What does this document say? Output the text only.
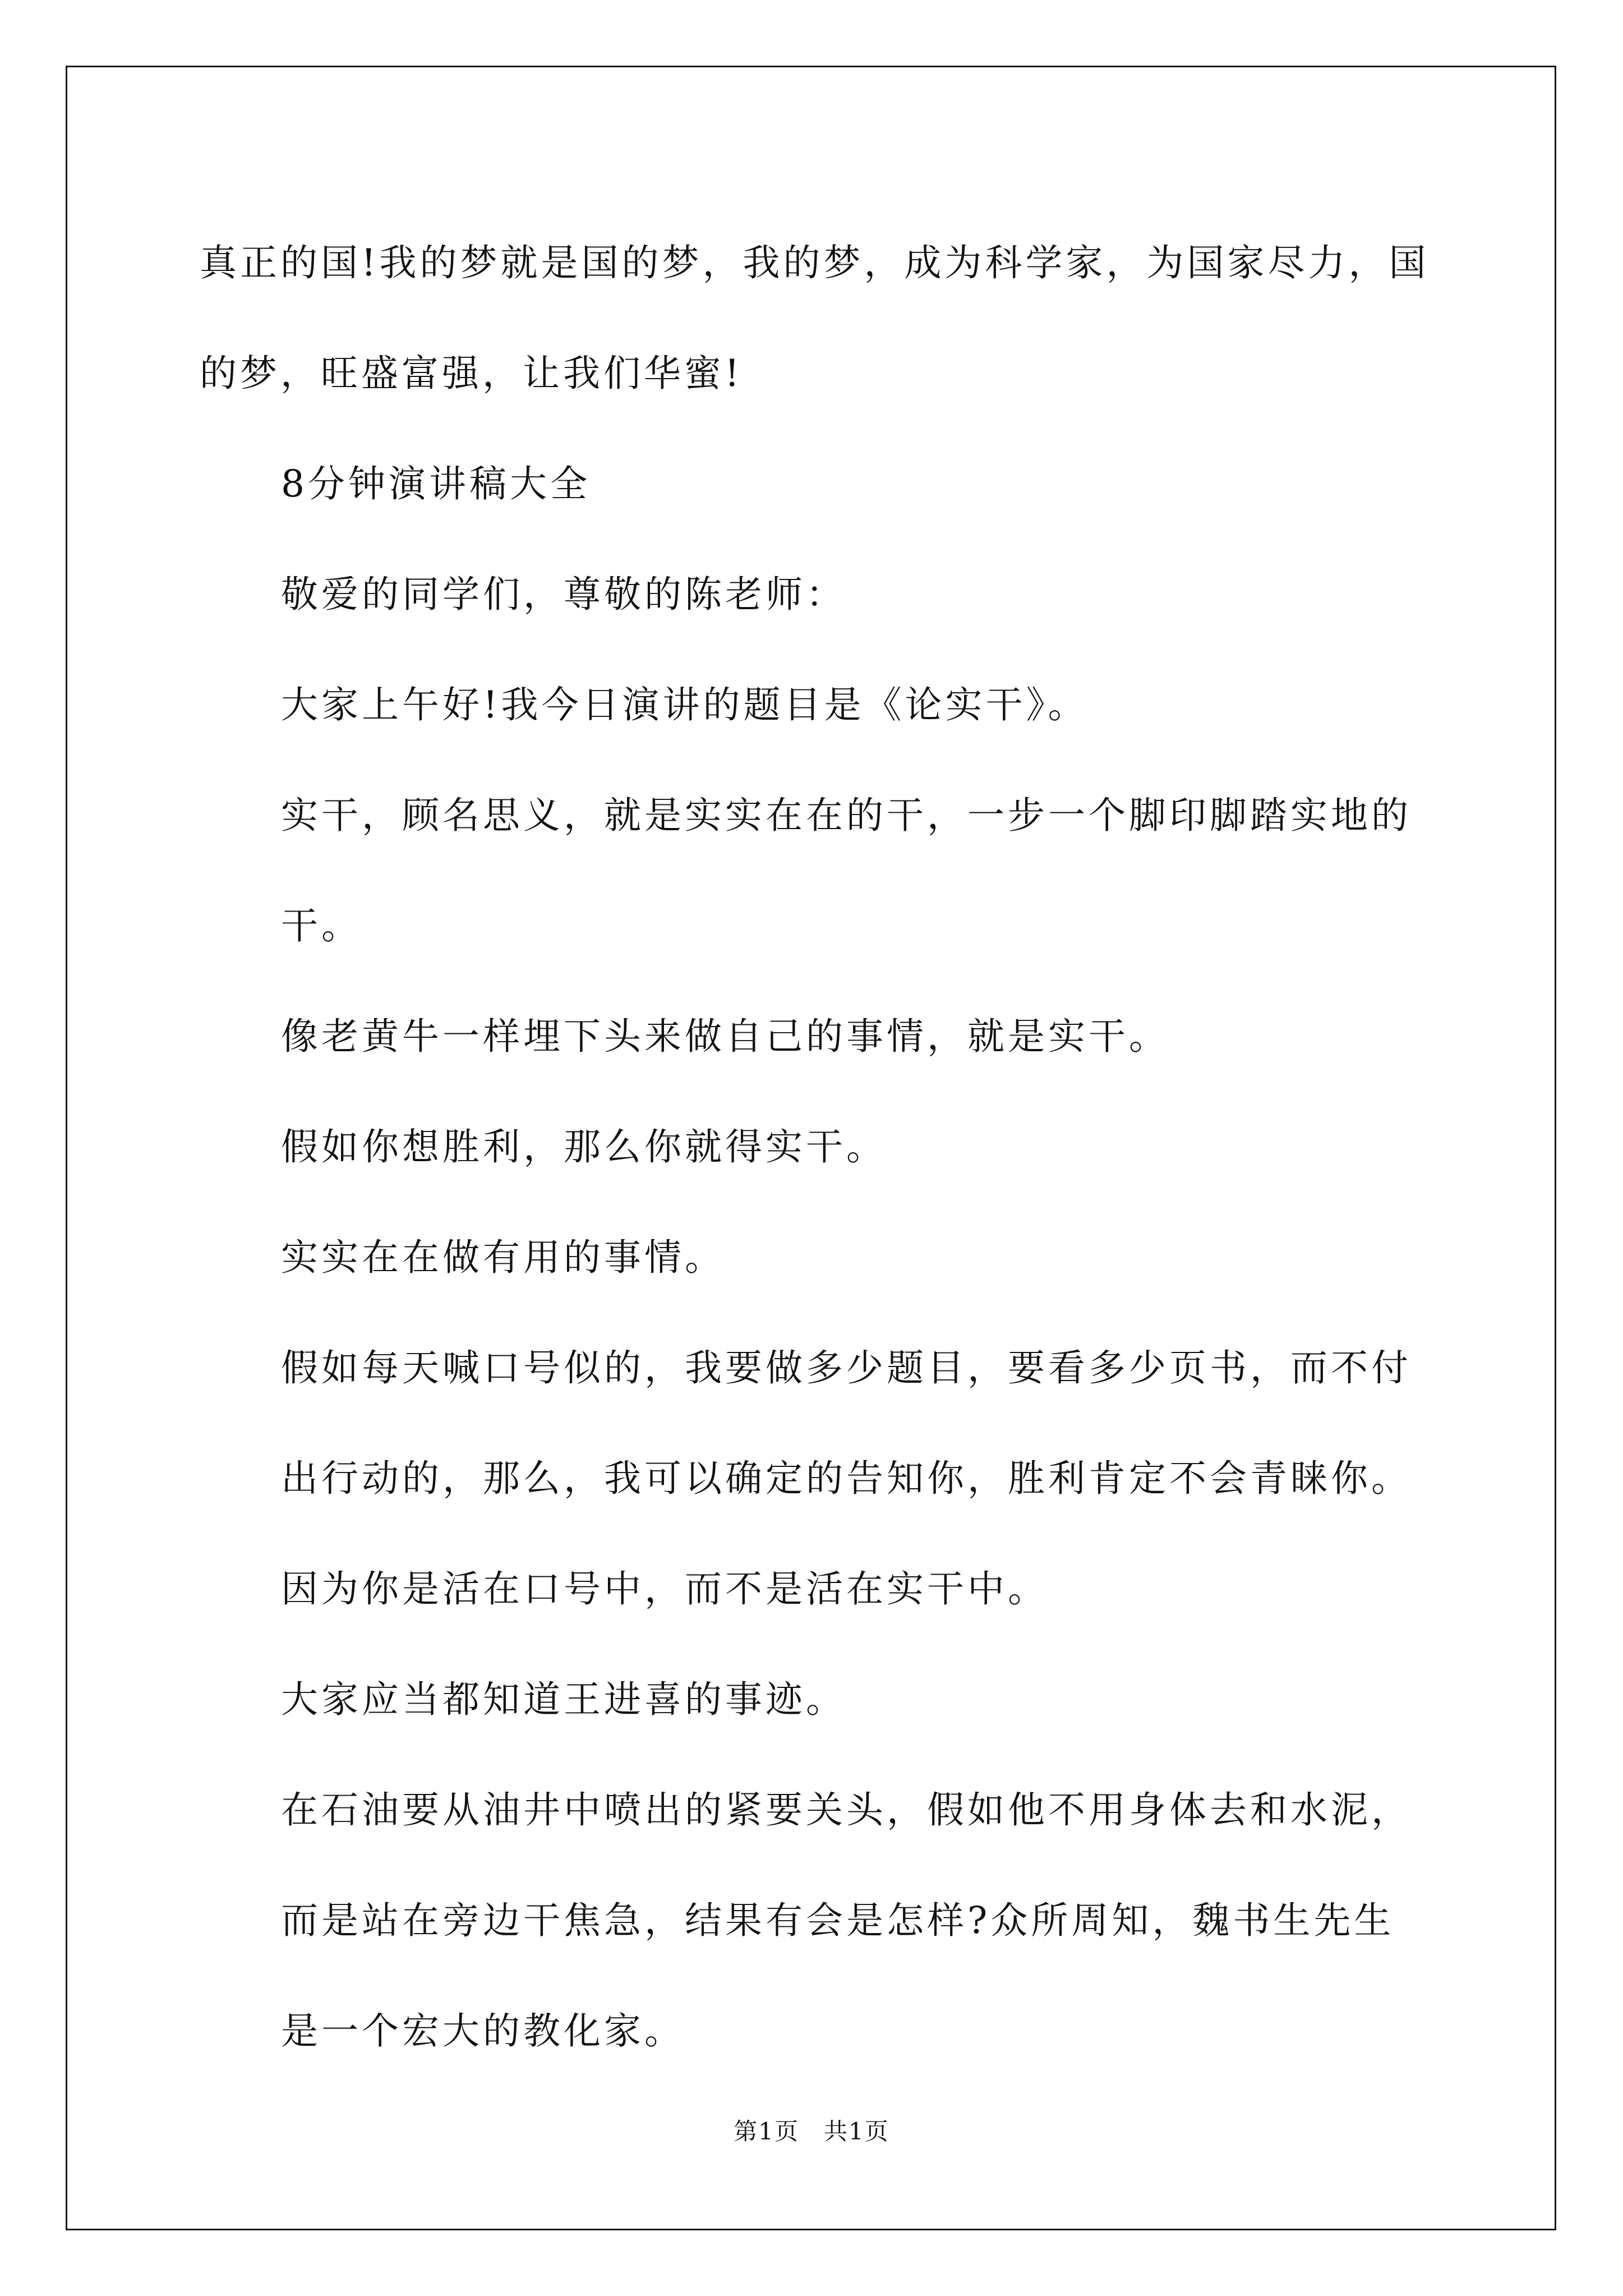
真正的国!我的梦就是国的梦，我的梦，成为科学家，为国家尽力，国的梦，旺盛富强，让我们华蜜!

8分钟演讲稿大全

敬爱的同学们，尊敬的陈老师：

大家上午好!我今日演讲的题目是《论实干》。

实干，顾名思义，就是实实在在的干，一步一个脚印脚踏实地的干。

像老黄牛一样埋下头来做自己的事情，就是实干。

假如你想胜利，那么你就得实干。

实实在在做有用的事情。

假如每天喊口号似的，我要做多少题目，要看多少页书，而不付出行动的，那么，我可以确定的告知你，胜利肯定不会青睐你。

因为你是活在口号中，而不是活在实干中。

大家应当都知道王进喜的事迹。

在石油要从油井中喷出的紧要关头，假如他不用身体去和水泥，而是站在旁边干焦急，结果有会是怎样?众所周知，魏书生先生是一个宏大的教化家。

第1页　共1页
